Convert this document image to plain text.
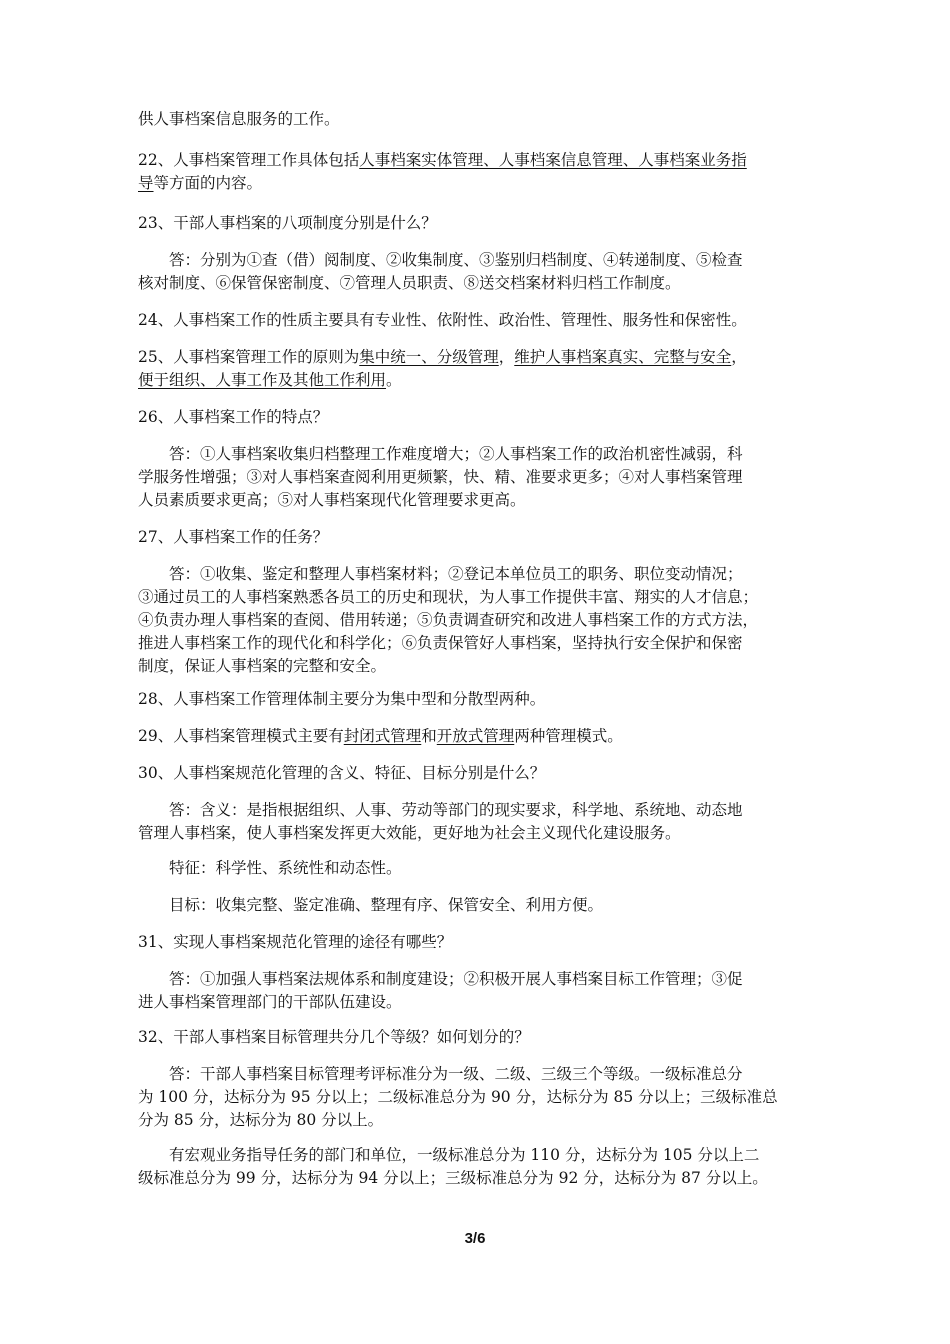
供人事档案信息服务的工作。

22、人事档案管理工作具体包括人事档案实体管理、人事档案信息管理、人事档案业务指
导等方面的内容。

23、干部人事档案的八项制度分别是什么？

答：分别为①查（借）阅制度、②收集制度、③鉴别归档制度、④转递制度、⑤检查
核对制度、⑥保管保密制度、⑦管理人员职责、⑧送交档案材料归档工作制度。

24、人事档案工作的性质主要具有专业性、依附性、政治性、管理性、服务性和保密性。

25、人事档案管理工作的原则为集中统一、分级管理，维护人事档案真实、完整与安全，
便于组织、人事工作及其他工作利用。

26、人事档案工作的特点？

答：①人事档案收集归档整理工作难度增大；②人事档案工作的政治机密性减弱，科
学服务性增强；③对人事档案查阅利用更频繁，快、精、准要求更多；④对人事档案管理
人员素质要求更高；⑤对人事档案现代化管理要求更高。

27、人事档案工作的任务？

答：①收集、鉴定和整理人事档案材料；②登记本单位员工的职务、职位变动情况；
③通过员工的人事档案熟悉各员工的历史和现状，为人事工作提供丰富、翔实的人才信息；
④负责办理人事档案的查阅、借用转递；⑤负责调查研究和改进人事档案工作的方式方法，
推进人事档案工作的现代化和科学化；⑥负责保管好人事档案，坚持执行安全保护和保密
制度，保证人事档案的完整和安全。

28、人事档案工作管理体制主要分为集中型和分散型两种。

29、人事档案管理模式主要有封闭式管理和开放式管理两种管理模式。

30、人事档案规范化管理的含义、特征、目标分别是什么？

答：含义：是指根据组织、人事、劳动等部门的现实要求，科学地、系统地、动态地
管理人事档案，使人事档案发挥更大效能，更好地为社会主义现代化建设服务。

特征：科学性、系统性和动态性。

目标：收集完整、鉴定准确、整理有序、保管安全、利用方便。

31、实现人事档案规范化管理的途径有哪些？

答：①加强人事档案法规体系和制度建设；②积极开展人事档案目标工作管理；③促
进人事档案管理部门的干部队伍建设。

32、干部人事档案目标管理共分几个等级？如何划分的？

答：干部人事档案目标管理考评标准分为一级、二级、三级三个等级。一级标准总分
为 100 分，达标分为 95 分以上；二级标准总分为 90 分，达标分为 85 分以上；三级标准总
分为 85 分，达标分为 80 分以上。

有宏观业务指导任务的部门和单位，一级标准总分为 110 分，达标分为 105 分以上二
级标准总分为 99 分，达标分为 94 分以上；三级标准总分为 92 分，达标分为 87 分以上。

3/6
